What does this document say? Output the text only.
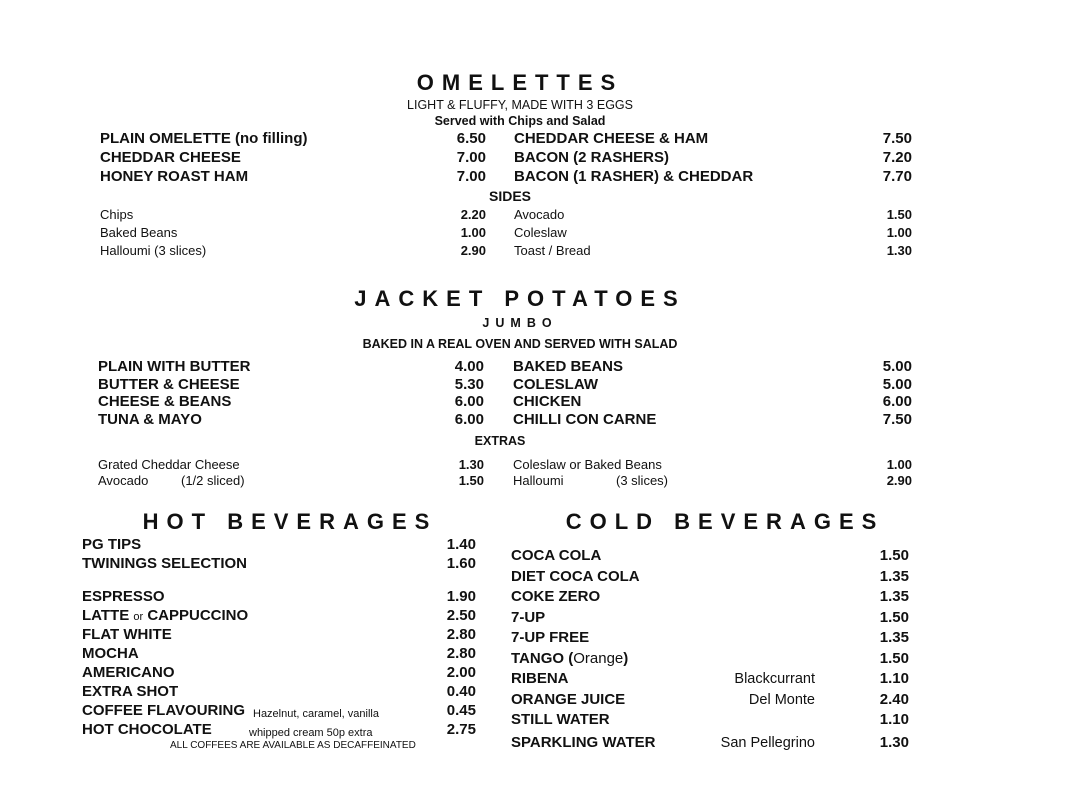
OMELETTES
LIGHT & FLUFFY, MADE WITH 3 EGGS
Served with Chips and Salad
PLAIN OMELETTE (no filling)	6.50
CHEDDAR CHEESE	7.00
HONEY ROAST HAM	7.00
CHEDDAR CHEESE & HAM	7.50
BACON (2 RASHERS)	7.20
BACON (1 RASHER) & CHEDDAR	7.70
SIDES
Chips	2.20
Baked Beans	1.00
Halloumi (3 slices)	2.90
Avocado	1.50
Coleslaw	1.00
Toast / Bread	1.30
JACKET POTATOES
JUMBO
BAKED IN A REAL OVEN AND SERVED WITH SALAD
PLAIN WITH BUTTER	4.00
BUTTER & CHEESE	5.30
CHEESE & BEANS	6.00
TUNA & MAYO	6.00
BAKED BEANS	5.00
COLESLAW	5.00
CHICKEN	6.00
CHILLI CON CARNE	7.50
EXTRAS
Grated Cheddar Cheese	1.30
Avocado	(1/2 sliced)	1.50
Coleslaw or Baked Beans	1.00
Halloumi	(3 slices)	2.90
HOT BEVERAGES
PG TIPS	1.40
TWININGS SELECTION	1.60
ESPRESSO	1.90
LATTE or CAPPUCCINO	2.50
FLAT WHITE	2.80
MOCHA	2.80
AMERICANO	2.00
EXTRA SHOT	0.40
COFFEE FLAVOURING Hazelnut, caramel, vanilla	0.45
HOT CHOCOLATE	whipped cream 50p extra	2.75
ALL COFFEES ARE AVAILABLE AS DECAFFEINATED
COLD BEVERAGES
COCA COLA	1.50
DIET COCA COLA	1.35
COKE ZERO	1.35
7-UP	1.50
7-UP FREE	1.35
TANGO (Orange)	1.50
RIBENA	Blackcurrant	1.10
ORANGE JUICE	Del Monte	2.40
STILL WATER	1.10
SPARKLING WATER	San Pellegrino	1.30
